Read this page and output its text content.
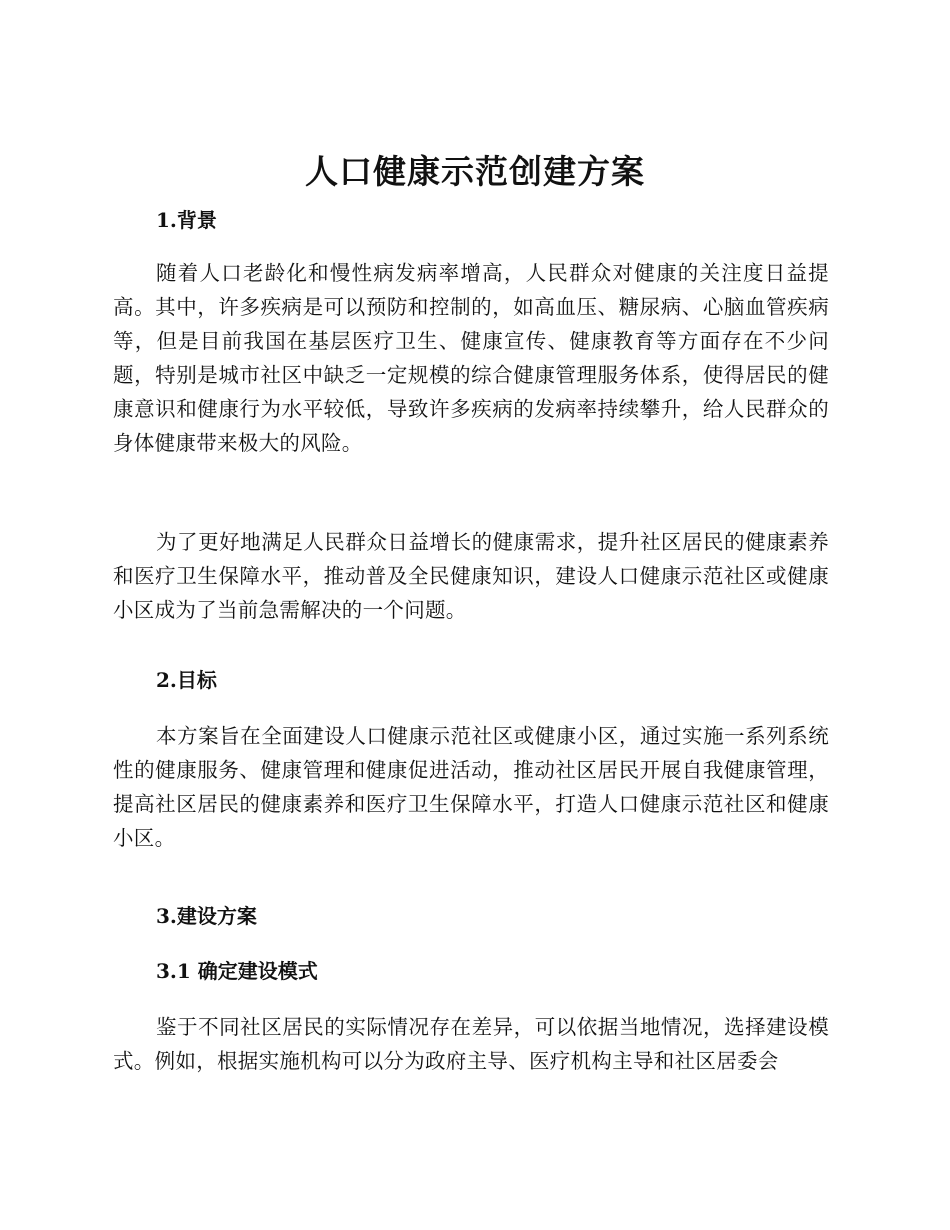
人口健康示范创建方案
1.背景

随着人口老龄化和慢性病发病率增高，人民群众对健康的关注度日益提高。其中，许多疾病是可以预防和控制的，如高血压、糖尿病、心脑血管疾病等，但是目前我国在基层医疗卫生、健康宣传、健康教育等方面存在不少问题，特别是城市社区中缺乏一定规模的综合健康管理服务体系，使得居民的健康意识和健康行为水平较低，导致许多疾病的发病率持续攀升，给人民群众的身体健康带来极大的风险。

为了更好地满足人民群众日益增长的健康需求，提升社区居民的健康素养和医疗卫生保障水平，推动普及全民健康知识，建设人口健康示范社区或健康小区成为了当前急需解决的一个问题。

2.目标

本方案旨在全面建设人口健康示范社区或健康小区，通过实施一系列系统性的健康服务、健康管理和健康促进活动，推动社区居民开展自我健康管理，提高社区居民的健康素养和医疗卫生保障水平，打造人口健康示范社区和健康小区。

3.建设方案
3.1 确定建设模式

鉴于不同社区居民的实际情况存在差异，可以依据当地情况，选择建设模式。例如，根据实施机构可以分为政府主导、医疗机构主导和社区居委会
